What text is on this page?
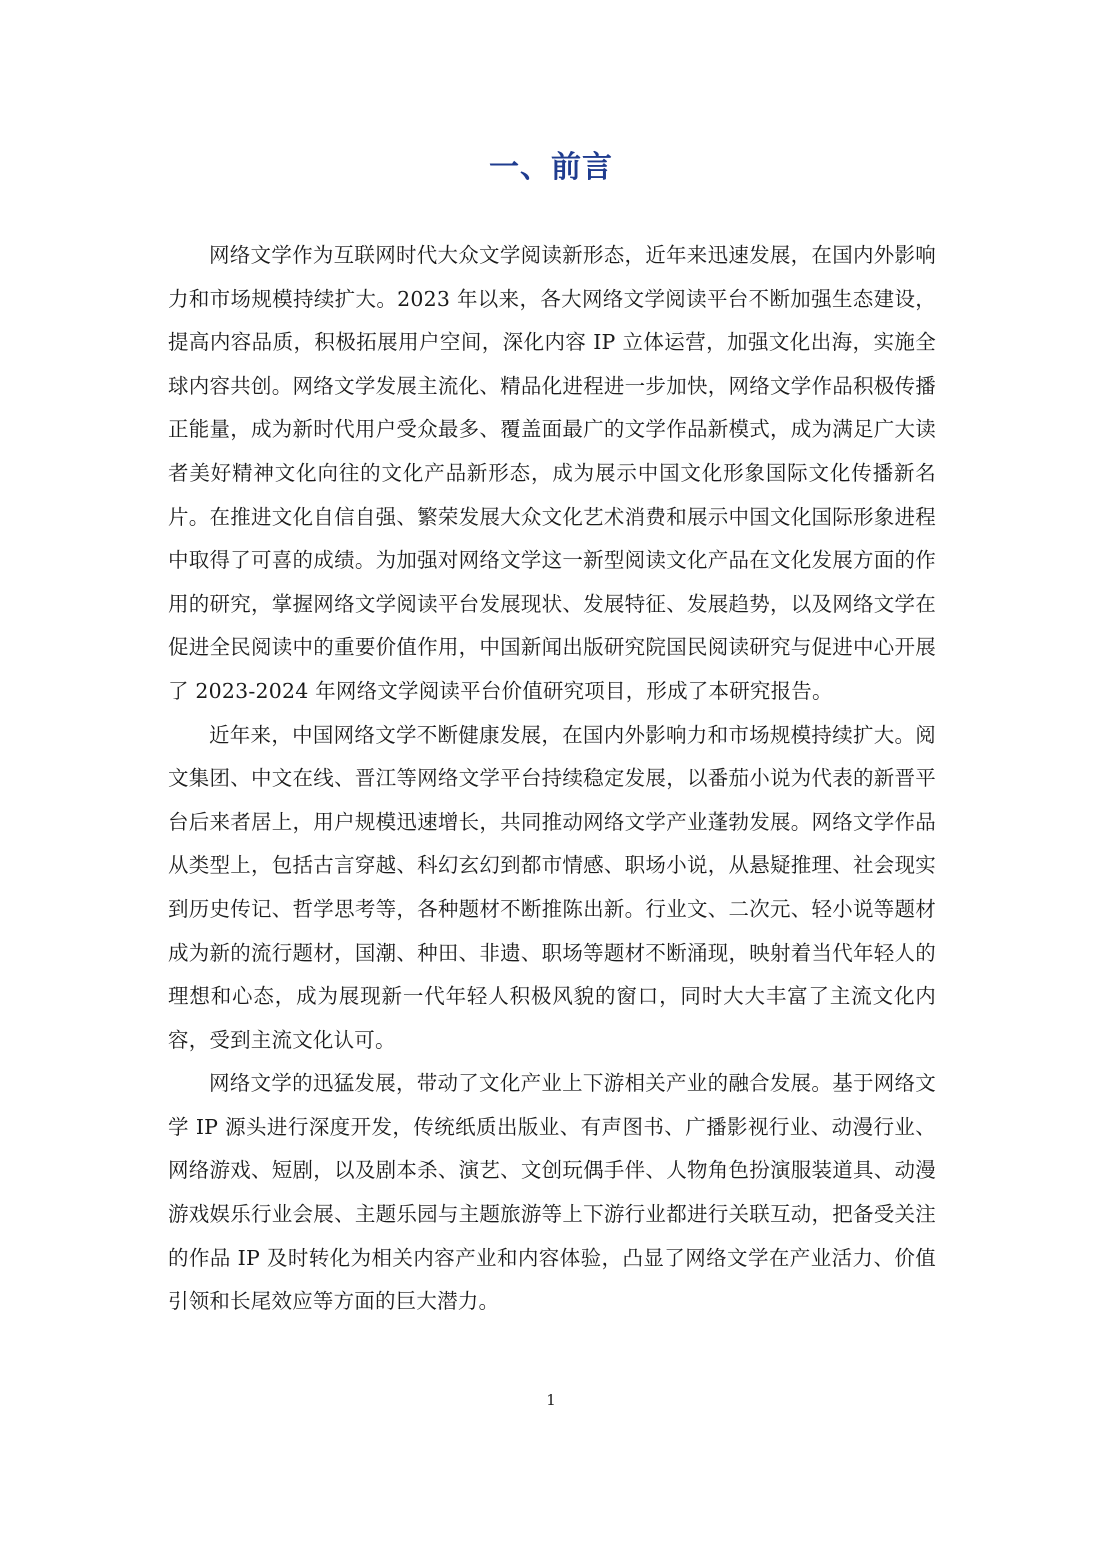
一、前言

网络文学作为互联网时代大众文学阅读新形态，近年来迅速发展，在国内外影响力和市场规模持续扩大。2023 年以来，各大网络文学阅读平台不断加强生态建设，提高内容品质，积极拓展用户空间，深化内容 IP 立体运营，加强文化出海，实施全球内容共创。网络文学发展主流化、精品化进程进一步加快，网络文学作品积极传播正能量，成为新时代用户受众最多、覆盖面最广的文学作品新模式，成为满足广大读者美好精神文化向往的文化产品新形态，成为展示中国文化形象国际文化传播新名片。在推进文化自信自强、繁荣发展大众文化艺术消费和展示中国文化国际形象进程中取得了可喜的成绩。为加强对网络文学这一新型阅读文化产品在文化发展方面的作用的研究，掌握网络文学阅读平台发展现状、发展特征、发展趋势，以及网络文学在促进全民阅读中的重要价值作用，中国新闻出版研究院国民阅读研究与促进中心开展了 2023-2024 年网络文学阅读平台价值研究项目，形成了本研究报告。

近年来，中国网络文学不断健康发展，在国内外影响力和市场规模持续扩大。阅文集团、中文在线、晋江等网络文学平台持续稳定发展，以番茄小说为代表的新晋平台后来者居上，用户规模迅速增长，共同推动网络文学产业蓬勃发展。网络文学作品从类型上，包括古言穿越、科幻玄幻到都市情感、职场小说，从悬疑推理、社会现实到历史传记、哲学思考等，各种题材不断推陈出新。行业文、二次元、轻小说等题材成为新的流行题材，国潮、种田、非遗、职场等题材不断涌现，映射着当代年轻人的理想和心态，成为展现新一代年轻人积极风貌的窗口，同时大大丰富了主流文化内容，受到主流文化认可。

网络文学的迅猛发展，带动了文化产业上下游相关产业的融合发展。基于网络文学 IP 源头进行深度开发，传统纸质出版业、有声图书、广播影视行业、动漫行业、网络游戏、短剧，以及剧本杀、演艺、文创玩偶手伴、人物角色扮演服装道具、动漫游戏娱乐行业会展、主题乐园与主题旅游等上下游行业都进行关联互动，把备受关注的作品 IP 及时转化为相关内容产业和内容体验，凸显了网络文学在产业活力、价值引领和长尾效应等方面的巨大潜力。

1
